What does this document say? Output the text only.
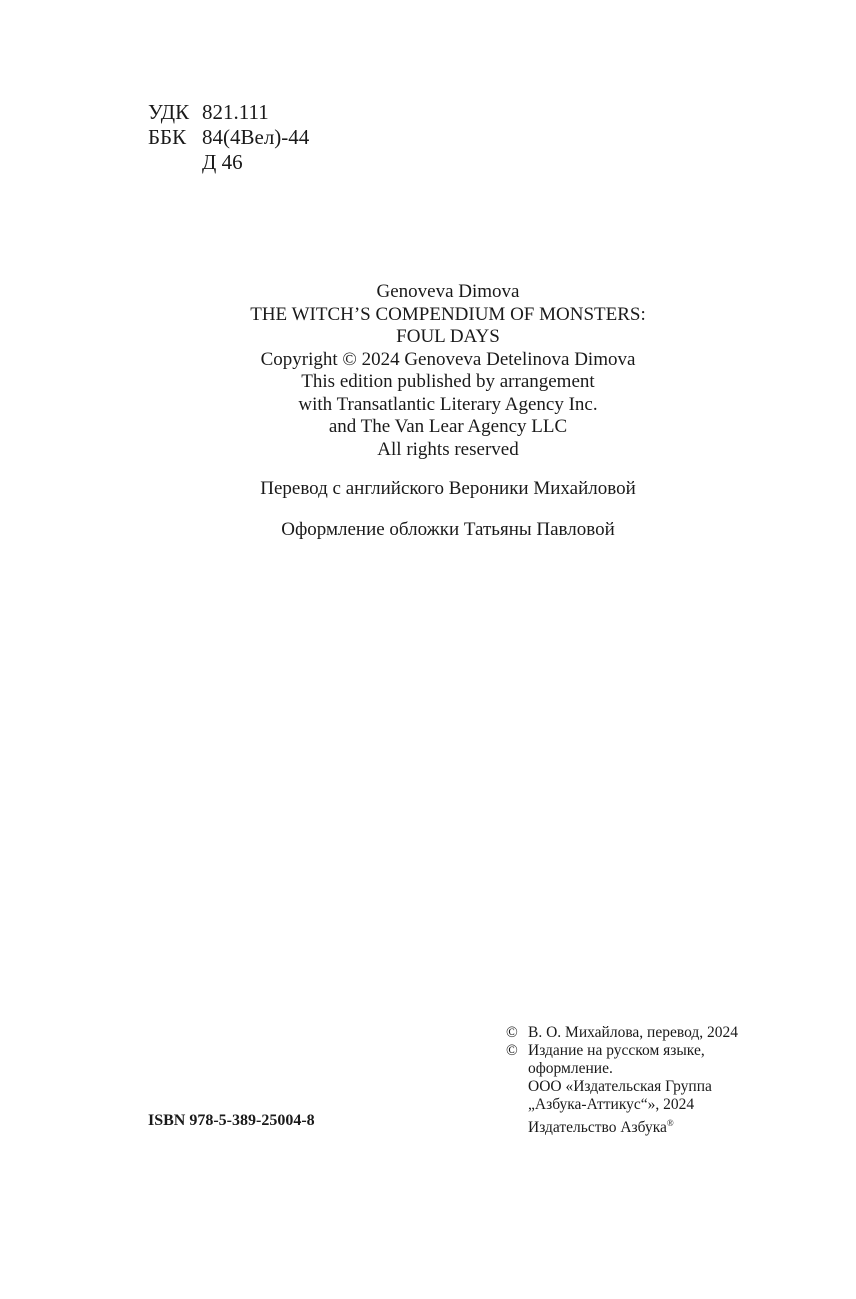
УДК 821.111
ББК 84(4Вел)-44
Д 46
Genoveva Dimova
THE WITCH’S COMPENDIUM OF MONSTERS:
FOUL DAYS
Copyright © 2024 Genoveva Detelinova Dimova
This edition published by arrangement
with Transatlantic Literary Agency Inc.
and The Van Lear Agency LLC
All rights reserved
Перевод с английского Вероники Михайловой
Оформление обложки Татьяны Павловой
ISBN 978-5-389-25004-8
© В. О. Михайлова, перевод, 2024
© Издание на русском языке,
оформление.
ООО «Издательская Группа
„Азбука-Аттикус“», 2024
Издательство Азбука®
